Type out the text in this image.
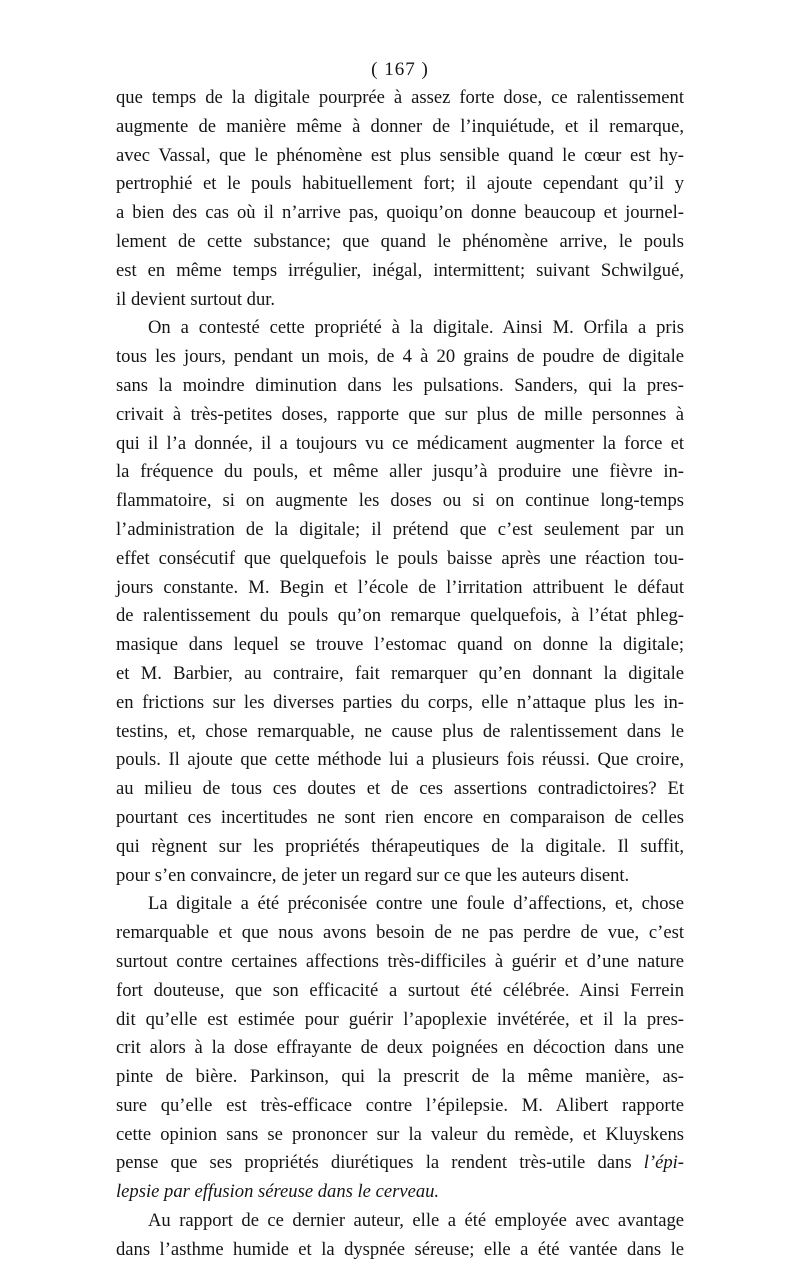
( 167 )
que temps de la digitale pourprée à assez forte dose, ce ralentissement
augmente de manière même à donner de l’inquiétude, et il remarque,
avec Vassal, que le phénomène est plus sensible quand le cœur est hy-
pertrophié et le pouls habituellement fort; il ajoute cependant qu’il y
a bien des cas où il n’arrive pas, quoiqu’on donne beaucoup et journel-
lement de cette substance; que quand le phénomène arrive, le pouls
est en même temps irrégulier, inégal, intermittent; suivant Schwilgué,
il devient surtout dur.
On a contesté cette propriété à la digitale. Ainsi M. Orfila a pris
tous les jours, pendant un mois, de 4 à 20 grains de poudre de digitale
sans la moindre diminution dans les pulsations. Sanders, qui la pres-
crivait à très-petites doses, rapporte que sur plus de mille personnes à
qui il l’a donnée, il a toujours vu ce médicament augmenter la force et
la fréquence du pouls, et même aller jusqu’à produire une fièvre in-
flammatoire, si on augmente les doses ou si on continue long-temps
l’administration de la digitale; il prétend que c’est seulement par un
effet consécutif que quelquefois le pouls baisse après une réaction tou-
jours constante. M. Begin et l’école de l’irritation attribuent le défaut
de ralentissement du pouls qu’on remarque quelquefois, à l’état phleg-
masique dans lequel se trouve l’estomac quand on donne la digitale;
et M. Barbier, au contraire, fait remarquer qu’en donnant la digitale
en frictions sur les diverses parties du corps, elle n’attaque plus les in-
testins, et, chose remarquable, ne cause plus de ralentissement dans le
pouls. Il ajoute que cette méthode lui a plusieurs fois réussi. Que croire,
au milieu de tous ces doutes et de ces assertions contradictoires? Et
pourtant ces incertitudes ne sont rien encore en comparaison de celles
qui règnent sur les propriétés thérapeutiques de la digitale. Il suffit,
pour s’en convaincre, de jeter un regard sur ce que les auteurs disent.
La digitale a été préconisée contre une foule d’affections, et, chose
remarquable et que nous avons besoin de ne pas perdre de vue, c’est
surtout contre certaines affections très-difficiles à guérir et d’une nature
fort douteuse, que son efficacité a surtout été célébrée. Ainsi Ferrein
dit qu’elle est estimée pour guérir l’apoplexie invétérée, et il la pres-
crit alors à la dose effrayante de deux poignées en décoction dans une
pinte de bière. Parkinson, qui la prescrit de la même manière, as-
sure qu’elle est très-efficace contre l’épilepsie. M. Alibert rapporte
cette opinion sans se prononcer sur la valeur du remède, et Kluyskens
pense que ses propriétés diurétiques la rendent très-utile dans l’épi-
lepsie par effusion séreuse dans le cerveau.
Au rapport de ce dernier auteur, elle a été employée avec avantage
dans l’asthme humide et la dyspnée séreuse; elle a été vantée dans le
